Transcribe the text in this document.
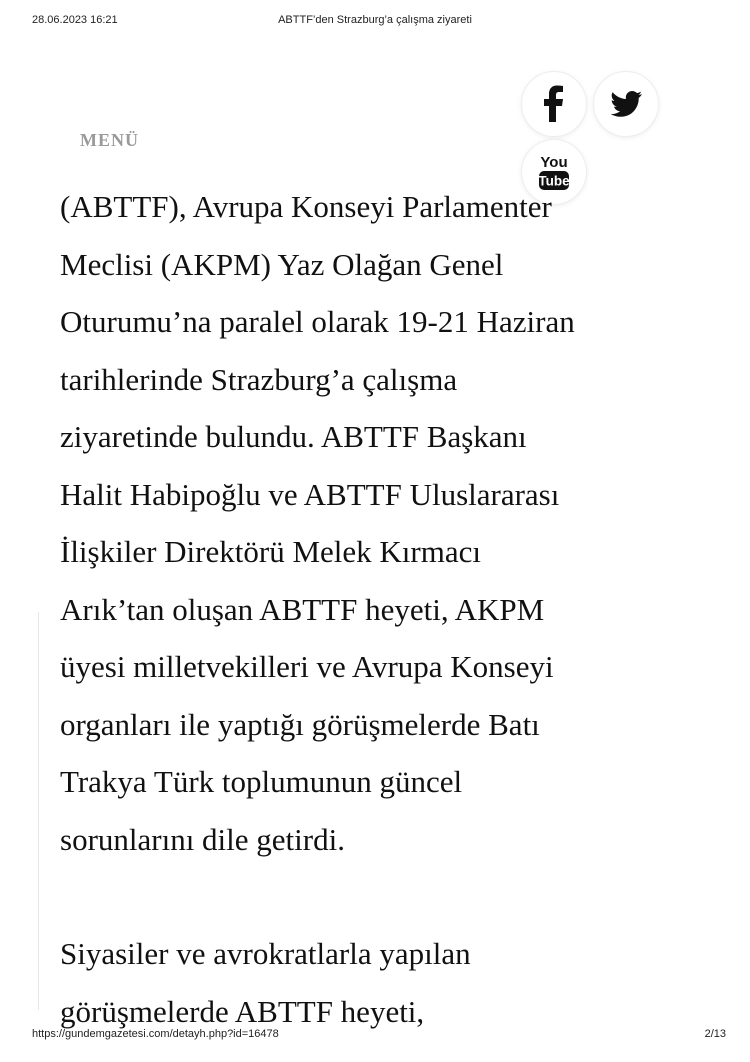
28.06.2023 16:21	ABTTF’den Strazburg’a çalışma ziyareti
MENÜ
You
Tube

(ABTTF), Avrupa Konseyi Parlamenter
Meclisi (AKPM) Yaz Olağan Genel
Oturumu’na paralel olarak 19-21 Haziran
tarihlerinde Strazburg’a çalışma
ziyaretinde bulundu. ABTTF Başkanı
Halit Habipoğlu ve ABTTF Uluslararası
İlişkiler Direktörü Melek Kırmacı
Arık’tan oluşan ABTTF heyeti, AKPM
üyesi milletvekilleri ve Avrupa Konseyi
organları ile yaptığı görüşmelerde Batı
Trakya Türk toplumunun güncel
sorunlarını dile getirdi.

Siyasiler ve avrokratlarla yapılan
görüşmelerde ABTTF heyeti,

https://gundemgazetesi.com/detayh.php?id=16478	2/13
